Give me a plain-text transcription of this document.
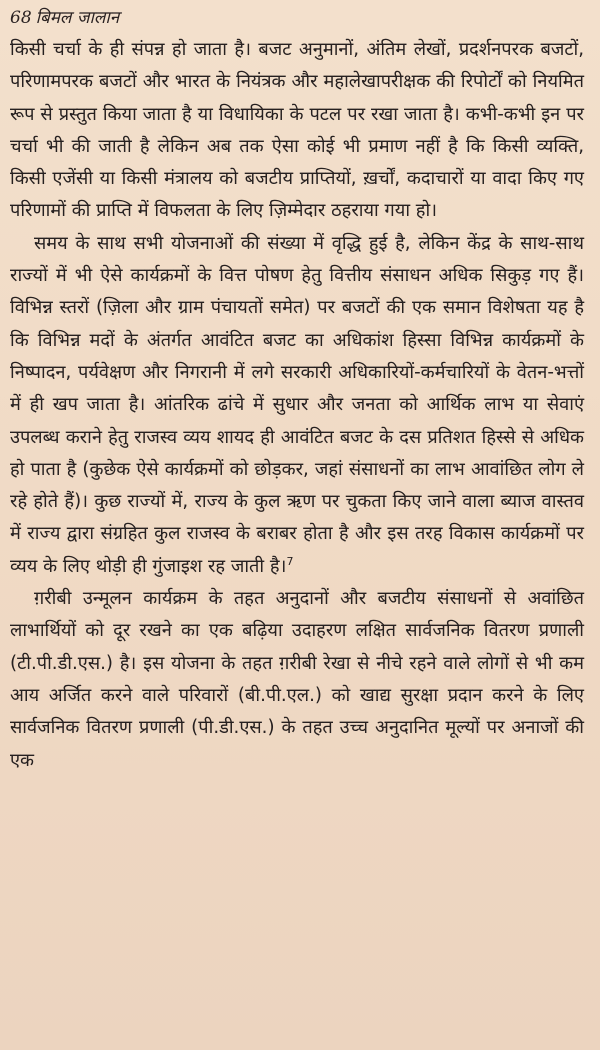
68 बिमल जालान

किसी चर्चा के ही संपन्न हो जाता है। बजट अनुमानों, अंतिम लेखों, प्रदर्शनपरक बजटों, परिणामपरक बजटों और भारत के नियंत्रक और महालेखापरीक्षक की रिपोर्टों को नियमित रूप से प्रस्तुत किया जाता है या विधायिका के पटल पर रखा जाता है। कभी-कभी इन पर चर्चा भी की जाती है लेकिन अब तक ऐसा कोई भी प्रमाण नहीं है कि किसी व्यक्ति, किसी एजेंसी या किसी मंत्रालय को बजटीय प्राप्तियों, ख़र्चों, कदाचारों या वादा किए गए परिणामों की प्राप्ति में विफलता के लिए ज़िम्मेदार ठहराया गया हो।

समय के साथ सभी योजनाओं की संख्या में वृद्धि हुई है, लेकिन केंद्र के साथ-साथ राज्यों में भी ऐसे कार्यक्रमों के वित्त पोषण हेतु वित्तीय संसाधन अधिक सिकुड़ गए हैं। विभिन्न स्तरों (ज़िला और ग्राम पंचायतों समेत) पर बजटों की एक समान विशेषता यह है कि विभिन्न मदों के अंतर्गत आवंटित बजट का अधिकांश हिस्सा विभिन्न कार्यक्रमों के निष्पादन, पर्यवेक्षण और निगरानी में लगे सरकारी अधिकारियों-कर्मचारियों के वेतन-भत्तों में ही खप जाता है। आंतरिक ढांचे में सुधार और जनता को आर्थिक लाभ या सेवाएं उपलब्ध कराने हेतु राजस्व व्यय शायद ही आवंटित बजट के दस प्रतिशत हिस्से से अधिक हो पाता है (कुछेक ऐसे कार्यक्रमों को छोड़कर, जहां संसाधनों का लाभ आवांछित लोग ले रहे होते हैं)। कुछ राज्यों में, राज्य के कुल ऋण पर चुकता किए जाने वाला ब्याज वास्तव में राज्य द्वारा संग्रहित कुल राजस्व के बराबर होता है और इस तरह विकास कार्यक्रमों पर व्यय के लिए थोड़ी ही गुंजाइश रह जाती है।$^7$

ग़रीबी उन्मूलन कार्यक्रम के तहत अनुदानों और बजटीय संसाधनों से अवांछित लाभार्थियों को दूर रखने का एक बढ़िया उदाहरण लक्षित सार्वजनिक वितरण प्रणाली (टी.पी.डी.एस.) है। इस योजना के तहत ग़रीबी रेखा से नीचे रहने वाले लोगों से भी कम आय अर्जित करने वाले परिवारों (बी.पी.एल.) को खाद्य सुरक्षा प्रदान करने के लिए सार्वजनिक वितरण प्रणाली (पी.डी.एस.) के तहत उच्च अनुदानित मूल्यों पर अनाजों की एक
